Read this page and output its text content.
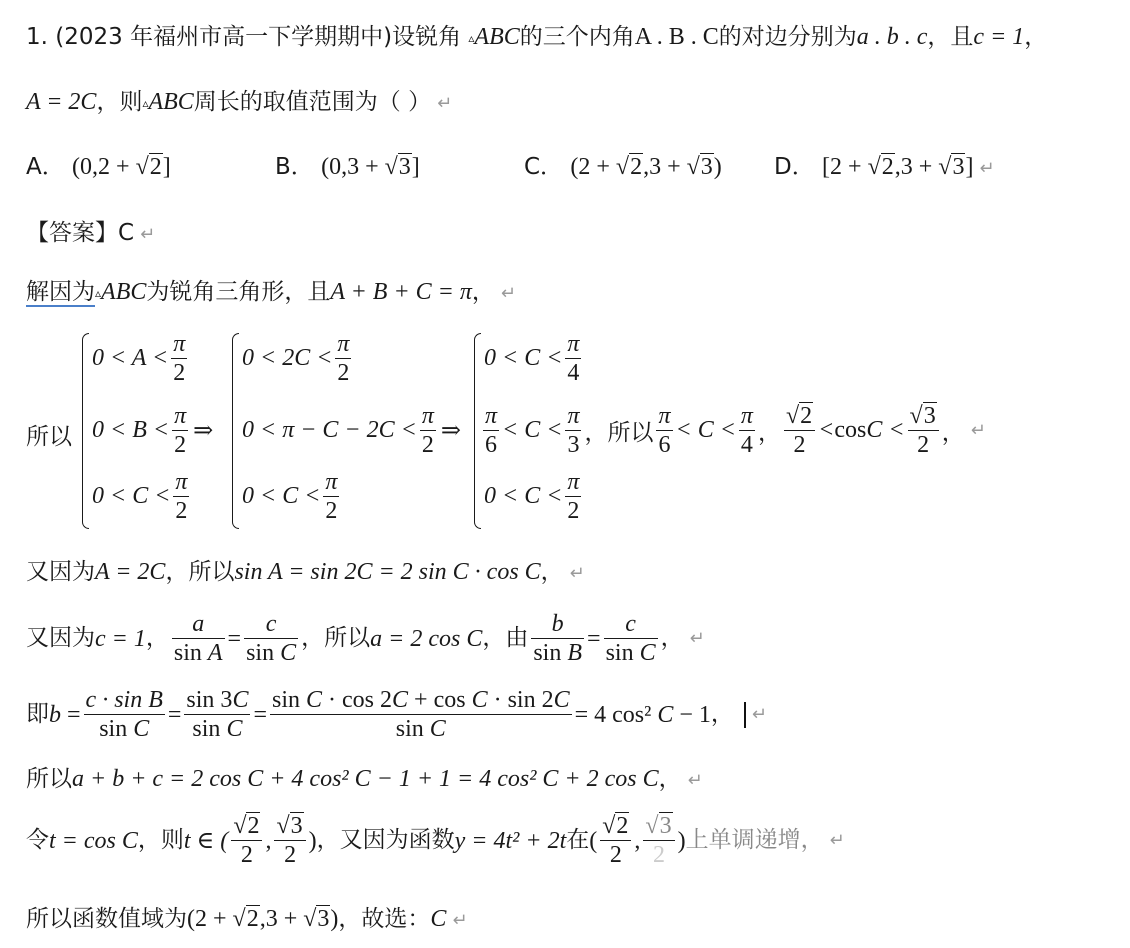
1. (2023 年福州市高一下学期期中)设锐角 ▵ABC的三个内角A . B . C的对边分别为a . b . c，且c = 1，
A = 2C，则▵ABC周长的取值范围为（ ） ↵
A． (0,2 + √2]	B． (0,3 + √3]	C． (2 + √2,3 + √3) D． [2 + √2,3 + √3] ↵
【答案】C ↵
解因为▵ABC为锐角三角形，且A + B + C = π， ↵
所以
$0 < A < \frac{\pi}{2}$
$0 < B < \frac{\pi}{2}$ ⇒
$0 < C < \frac{\pi}{2}$
$0 < 2C < \frac{\pi}{2}$
$0 < \pi - C - 2C < \frac{\pi}{2}$ ⇒
$0 < C < \frac{\pi}{2}$
$0 < C < \frac{\pi}{4}$
$\frac{\pi}{6} < C < \frac{\pi}{3}$ ，所以 $\frac{\pi}{6} < C < \frac{\pi}{4}$ ， $\frac{√2}{2} < \cos C < \frac{√3}{2}$ ， ↵
$0 < C < \frac{\pi}{2}$
又因为A = 2C，所以sin A = sin 2C = 2 sin C · cos C， ↵
又因为 c = 1 ， $\frac{a}{\text{sin A}} = \frac{c}{\text{sin C}}$ ，所以 a = 2 cos C ，由 $\frac{b}{\text{sin B}} = \frac{c}{\text{sin C}}$ ， ↵
即 $b = \frac{\text{c · sin B}}{\text{sin C}} = \frac{\sin 3C}{\text{sin C}} = \frac{\text{sin C · cos 2C + cos C · sin 2C}}{\text{sin C}} = 4$ cos² C − 1 ， ↵
所以a + b + c = 2 cos C + 4 cos² C − 1 + 1 = 4 cos² C + 2 cos C， ↵
令 t = cos C ，则 t ∈ ( $\frac{√2}{2}$ , $\frac{√3}{2}$ ) ，又因为函数 y = 4t² + 2t 在 ( $\frac{√2}{2}$ , $\frac{√3}{2}$ ) 上单调递增， ↵
所以函数值域为(2 + √2,3 + √3)，故选：C ↵
